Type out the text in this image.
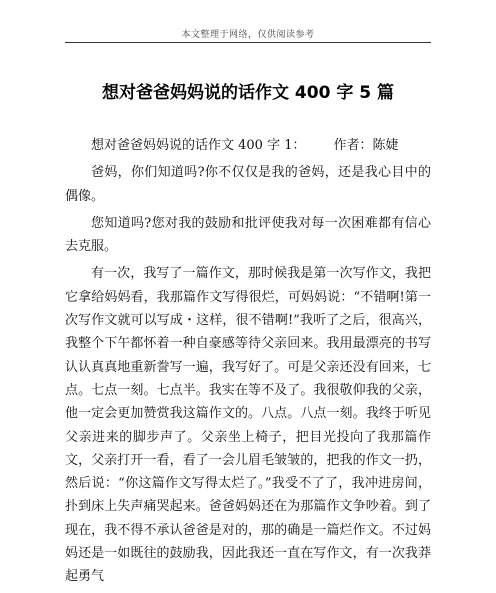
本文整理于网络，仅供阅读参考
想对爸爸妈妈说的话作文 400 字 5 篇

想对爸爸妈妈说的话作文 400 字 1： 作者：陈婕

爸妈，你们知道吗?你不仅仅是我的爸妈，还是我心目中的偶像。

您知道吗?您对我的鼓励和批评使我对每一次困难都有信心去克服。

有一次，我写了一篇作文，那时候我是第一次写作文，我把它拿给妈妈看，我那篇作文写得很烂，可妈妈说：“不错啊!第一次写作文就可以写成・这样，很不错啊!”我听了之后，很高兴，我整个下午都怀着一种自豪感等待父亲回来。我用最漂亮的书写认认真真地重新誊写一遍，我写好了。可是父亲还没有回来，七点。七点一刻。七点半。我实在等不及了。我很敬仰我的父亲，他一定会更加赞赏我这篇作文的。八点。八点一刻。我终于听见父亲进来的脚步声了。父亲坐上椅子，把目光投向了我那篇作文，父亲打开一看，看了一会儿眉毛皱皱的，把我的作文一扔，然后说：“你这篇作文写得太烂了。”我受不了了，我冲进房间，扑到床上失声痛哭起来。爸爸妈妈还在为那篇作文争吵着。到了现在，我不得不承认爸爸是对的，那的确是一篇烂作文。不过妈妈还是一如既往的鼓励我，因此我还一直在写作文，有一次我莽起勇气
